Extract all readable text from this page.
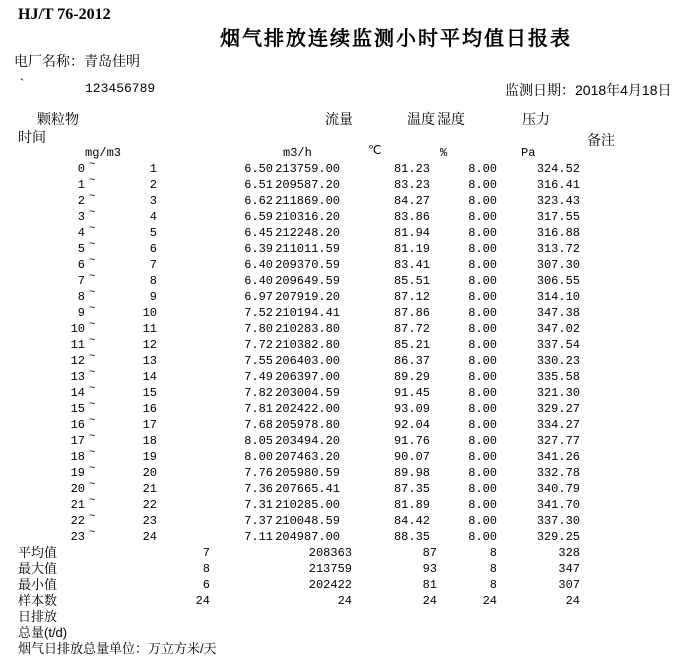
HJ/T 76-2012
烟气排放连续监测小时平均值日报表
电厂名称：青岛佳明
`	123456789	监测日期：2018年4月18日
颗粒物	流量	温度 湿度	压力
时间	备注
mg/m3	m3/h	℃	%	Pa
0 ~	1	6.50 213759.00	81.23	8.00	324.52
1 ~	2	6.51 209587.20	83.23	8.00	316.41
2 ~	3	6.62 211869.00	84.27	8.00	323.43
3 ~	4	6.59 210316.20	83.86	8.00	317.55
4 ~	5	6.45 212248.20	81.94	8.00	316.88
5 ~	6	6.39 211011.59	81.19	8.00	313.72
6 ~	7	6.40 209370.59	83.41	8.00	307.30
7 ~	8	6.40 209649.59	85.51	8.00	306.55
8 ~	9	6.97 207919.20	87.12	8.00	314.10
9 ~	10	7.52 210194.41	87.86	8.00	347.38
10 ~	11	7.80 210283.80	87.72	8.00	347.02
11 ~	12	7.72 210382.80	85.21	8.00	337.54
12 ~	13	7.55 206403.00	86.37	8.00	330.23
13 ~	14	7.49 206397.00	89.29	8.00	335.58
14 ~	15	7.82 203004.59	91.45	8.00	321.30
15 ~	16	7.81 202422.00	93.09	8.00	329.27
16 ~	17	7.68 205978.80	92.04	8.00	334.27
17 ~	18	8.05 203494.20	91.76	8.00	327.77
18 ~	19	8.00 207463.20	90.07	8.00	341.26
19 ~	20	7.76 205980.59	89.98	8.00	332.78
20 ~	21	7.36 207665.41	87.35	8.00	340.79
21 ~	22	7.31 210285.00	81.89	8.00	341.70
22 ~	23	7.37 210048.59	84.42	8.00	337.30
23 ~	24	7.11 204987.00	88.35	8.00	329.25
平均值	7	208363	87	8	328
最大值	8	213759	93	8	347
最小值	6	202422	81	8	307
样本数	24	24	24	24	24
日排放
总量(t/d)
烟气日排放总量单位：万立方米/天
